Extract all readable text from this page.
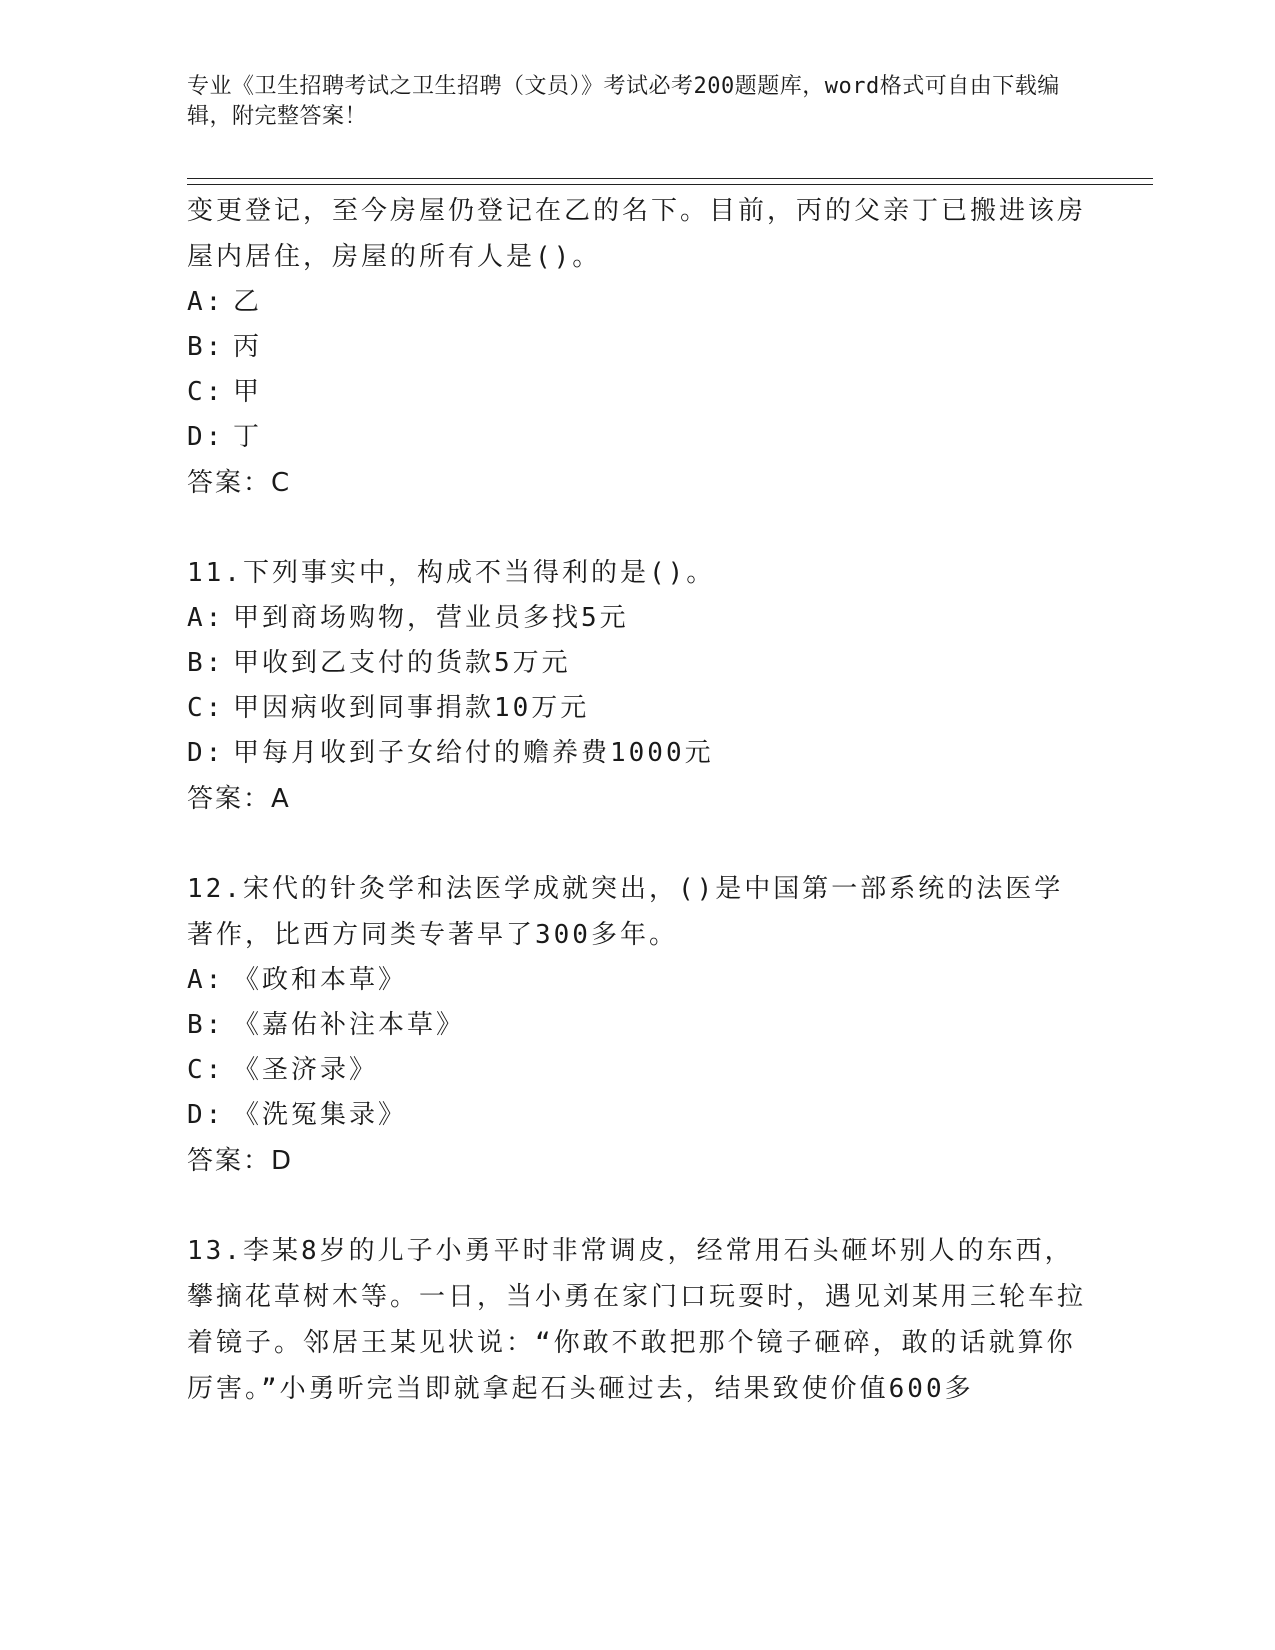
专业《卫生招聘考试之卫生招聘（文员）》考试必考200题题库，word格式可自由下载编辑，附完整答案！

变更登记，至今房屋仍登记在乙的名下。目前，丙的父亲丁已搬进该房屋内居住，房屋的所有人是()。

A: 乙

B: 丙

C: 甲

D: 丁

答案：C

11.下列事实中，构成不当得利的是()。

A: 甲到商场购物，营业员多找5元

B: 甲收到乙支付的货款5万元

C: 甲因病收到同事捐款10万元

D: 甲每月收到子女给付的赡养费1000元

答案：A

12.宋代的针灸学和法医学成就突出，()是中国第一部系统的法医学著作，比西方同类专著早了300多年。

A: 《政和本草》

B: 《嘉佑补注本草》

C: 《圣济录》

D: 《洗冤集录》

答案：D

13.李某8岁的儿子小勇平时非常调皮，经常用石头砸坏别人的东西，攀摘花草树木等。一日，当小勇在家门口玩耍时，遇见刘某用三轮车拉着镜子。邻居王某见状说：“你敢不敢把那个镜子砸碎，敢的话就算你厉害。”小勇听完当即就拿起石头砸过去，结果致使价值600多
